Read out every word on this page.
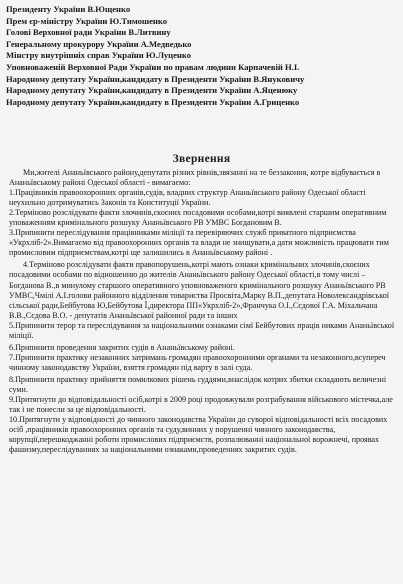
Президенту України В.Ющенко
Прем єр-міністру України Ю.Тимошенко
Голові Верховної ради України В.Литвину
Генеральному прокурору України А.Медведько
Мінстру внутрішніх справ України Ю.Луценко
Уповноваженій Верховної Ради України по правам людини Карпачевій Н.І.
Народному депутату України,кандидату в Президенти України В.Януковичу
Народному депутату України,кандидату в Президенти України А.Яценюку
Народному депутату України,кандидату в Президенти України А.Гриценко
Звернення

Ми,жителі Ананьївського району,депутати різних рівнів,звязанні на те беззаконня, котре відбувається в Ананьївському районі Одеської області - вимагаємо:

1.Працівників правоохоронних органів,судів, владних структур Ананьївського району Одеської області неухильно дотримуватись Законів та Конституції України.

2.Терміново розслідувати факти злочинів,скоєних посадовими особами,котрі виявлені старшим оперативним уповаженням кримінального розшуку Ананьївського РВ УМВС Богдановим В.

3.Припинити переслідування працівниками міліції та перевіряючих служб приватного підприємства «Укрхліб-2».Вимагаємо від правоохоронних органів та влади не знищувати,а дати можливість працювати тим промисловим підприємствам,котрі ще залишились в Ананьївському районі .

4.Терміново розслідувати факти правопорушень,котрі мають ознаки кримінальних злочинів,скоєних посадовими особами по відношенню до жителів Ананьївського району Одеської області,в тому числі – Богданова В.,в минулому старшого оперативного уповноваженого кримінального розшуку Ананьївського РВ УМВС,Чмілі А.І.голови районного відділення товариства Просвіта,Марку В.П.,депутата Новолександрівської сільської ради,Бейбутова Ю,Бейбутова Ї,директора ПП«Укрхліб-2»,Франчука О.І.,Сєдової Г.А. Міхальчана В.В.,Сєдова В.О. - депутатів Ананьївської районної ради та інших

5.Припинити терор та переслідування за національними ознаками сімї Бейбутових праців никами Ананьївської міліції.

6.Припинити проведення закритих судів в Ананьївському районі.

7.Припинити практику незаконних затримань громадян правоохоронними органами та незаконного,всупереч чинному законодавству України, взяття громадян під варту в залі суда.

8.Припинити практику прийняття помилкових рішень суддями,внаслідок котрих збитки складають величезні суми.

9.Притягнути до відповідальності осіб,котрі в 2009 році продовжували розграбування військового містечка,але так і не понесли за це відповідальності.

10.Притягнути у відповідності до чинного законодавства України до суворої відповідальності всіх посадових осіб ,працівників правоохоронних органів та суду,винних у порушенні чинного законодавства, корупції,перешкоджанні роботи промислових підприємств, розпалюванні національної ворожнечі, проявах фашизму,переслідуваннях за національними ознаками,проведеннях закритих судів.
